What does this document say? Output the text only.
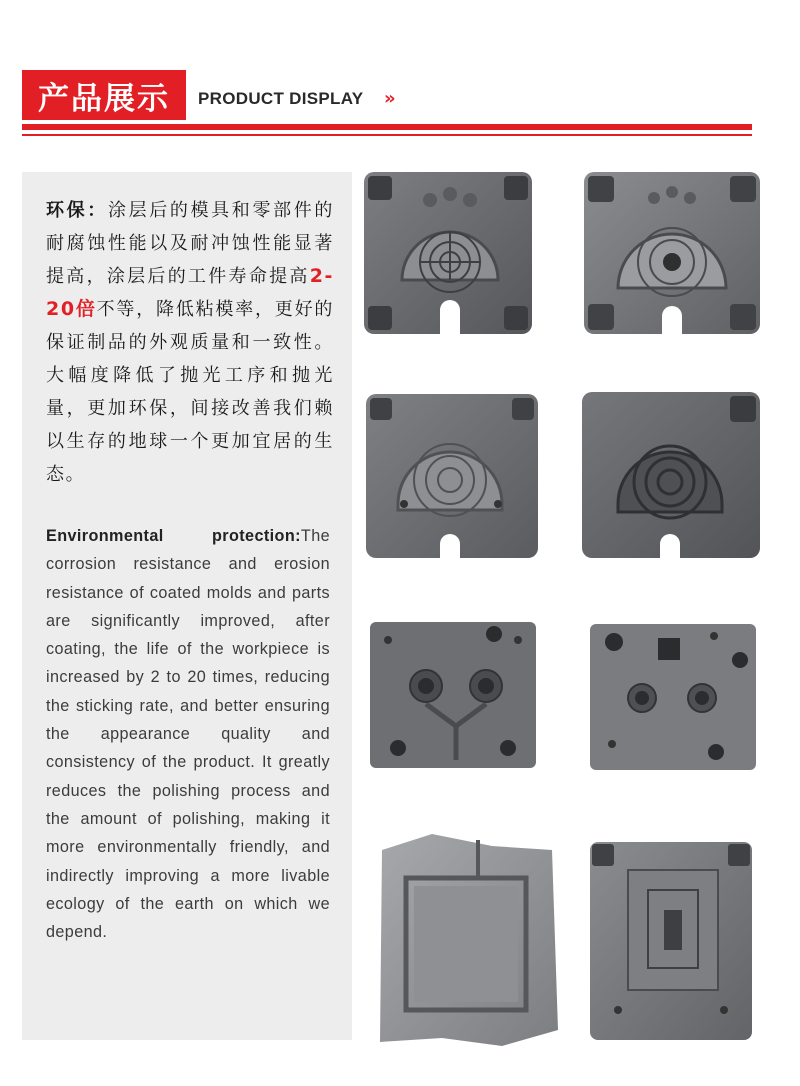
产品展示	PRODUCT DISPLAY »
环保：涂层后的模具和零部件的耐腐蚀性能以及耐冲蚀性能显著提高，涂层后的工件寿命提高2-20倍不等，降低粘模率，更好的保证制品的外观质量和一致性。大幅度降低了抛光工序和抛光量，更加环保，间接改善我们赖以生存的地球一个更加宜居的生态。
Environmental protection:The corrosion resistance and erosion resistance of coated molds and parts are significantly improved, after coating, the life of the workpiece is increased by 2 to 20 times, reducing the sticking rate, and better ensuring the appearance quality and consistency of the product. It greatly reduces the polishing process and the amount of polishing, making it more environmentally friendly, and indirectly improving a more livable ecology of the earth on which we depend.
